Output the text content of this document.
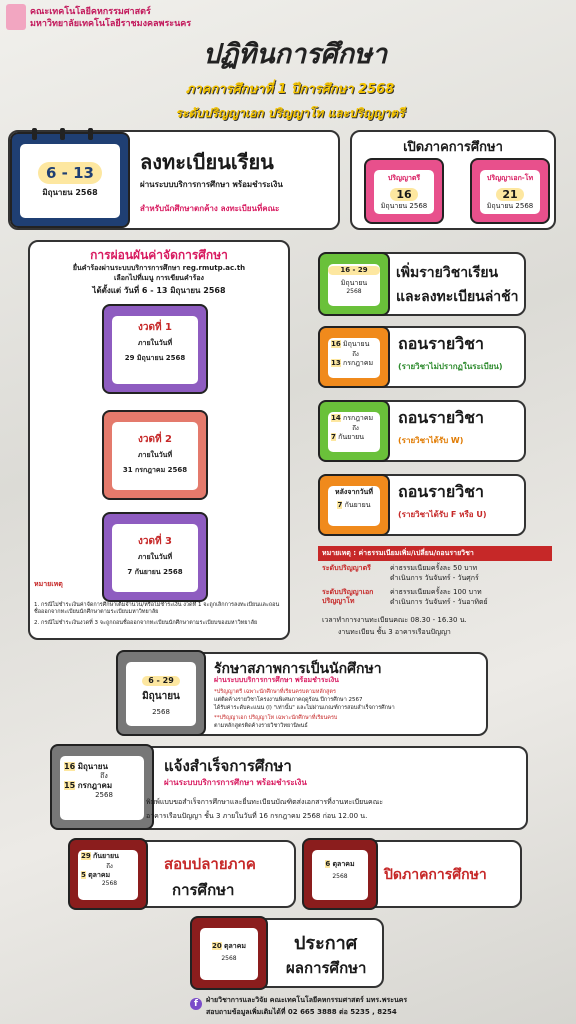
คณะเทคโนโลยีคหกรรมศาสตร์
มหาวิทยาลัยเทคโนโลยีราชมงคลพระนคร
ปฏิทินการศึกษา
ภาคการศึกษาที่ 1 ปีการศึกษา 2568
ระดับปริญญาเอก ปริญญาโท และปริญญาตรี
6 - 13
มิถุนายน 2568
ลงทะเบียนเรียน
ผ่านระบบบริการการศึกษา พร้อมชำระเงิน
สำหรับนักศึกษาตกค้าง ลงทะเบียนที่คณะ
เปิดภาคการศึกษา
ปริญญาตรี
16
มิถุนายน 2568
ปริญญาเอก-โท
21
มิถุนายน 2568
การผ่อนผันค่าจัดการศึกษา
ยื่นคำร้องผ่านระบบบริการการศึกษา reg.rmutp.ac.th
เลือกไปที่เมนู การเขียนคำร้อง
ได้ตั้งแต่ วันที่ 6 - 13 มิถุนายน 2568
งวดที่ 1
ภายในวันที่
29 มิถุนายน 2568
งวดที่ 2
ภายในวันที่
31 กรกฎาคม 2568
งวดที่ 3
ภายในวันที่
7 กันยายน 2568
หมายเหตุ
1. กรณีไม่ชำระเงินค่าจัดการศึกษาเต็มจำนวน/หรือไม่ชำระเงิน งวดที่ 1 จะถูกเลิกการลงทะเบียนและถอนชื่อออกจากทะเบียนนักศึกษาตามระเบียบมหาวิทยาลัย
2. กรณีไม่ชำระเงินงวดที่ 3 จะถูกถอนชื่อออกจากทะเบียนนักศึกษาตามระเบียบของมหาวิทยาลัย
16 - 29
มิถุนายน
2568
เพิ่มรายวิชาเรียน
และลงทะเบียนล่าช้า
16 มิถุนายน
ถึง
13 กรกฎาคม
ถอนรายวิชา
(รายวิชาไม่ปรากฏในระเบียน)
14 กรกฎาคม
ถึง
7 กันยายน
ถอนรายวิชา
(รายวิชาได้รับ W)
หลังจากวันที่
7 กันยายน
ถอนรายวิชา
(รายวิชาได้รับ F หรือ U)
หมายเหตุ : ค่าธรรมเนียมเพิ่ม/เปลี่ยน/ถอนรายวิชา
ระดับปริญญาตรี	ค่าธรรมเนียมครั้งละ 50 บาท
ดำเนินการ วันจันทร์ - วันศุกร์
ระดับปริญญาเอก ปริญญาโท
ค่าธรรมเนียมครั้งละ 100 บาท
ดำเนินการ วันจันทร์ - วันอาทิตย์
เวลาทำการงานทะเบียนคณะ 08.30 - 16.30 น.
งานทะเบียน ชั้น 3 อาคารเรือนปัญญา
6 - 29
มิถุนายน
2568
รักษาสภาพการเป็นนักศึกษา
ผ่านระบบบริการการศึกษา พร้อมชำระเงิน
*ปริญญาตรี เฉพาะนักศึกษาที่เรียนครบตามหลักสูตร
แต่ติดค้างรายวิชาโครงงานพิเศษภาคฤดูร้อน ปีการศึกษา 2567
ได้รับค่าระดับคะแนน (I) "เท่านั้น" และไม่ผ่านเกณฑ์การสอบสำเร็จการศึกษา
**ปริญญาเอก ปริญญาโท เฉพาะนักศึกษาที่เรียนครบ
ตามหลักสูตรติดค้างรายวิชาวิทยานิพนธ์
16 มิถุนายน
ถึง
15 กรกฎาคม
2568
แจ้งสำเร็จการศึกษา
ผ่านระบบบริการการศึกษา พร้อมชำระเงิน
พิมพ์แบบขอสำเร็จการศึกษาและยื่นทะเบียนบัณฑิตส่งเอกสารที่งานทะเบียนคณะ
อาคารเรือนปัญญา ชั้น 3 ภายในวันที่ 16 กรกฎาคม 2568 ก่อน 12.00 น.
29 กันยายน
ถึง
5 ตุลาคม
2568
สอบปลายภาค
การศึกษา
6 ตุลาคม
2568	ปิดภาคการศึกษา
20 ตุลาคม
2568
ประกาศ
ผลการศึกษา
f	ฝ่ายวิชาการและวิจัย คณะเทคโนโลยีคหกรรมศาสตร์ มทร.พระนคร
สอบถามข้อมูลเพิ่มเติมได้ที่ 02 665 3888 ต่อ 5235 , 8254
